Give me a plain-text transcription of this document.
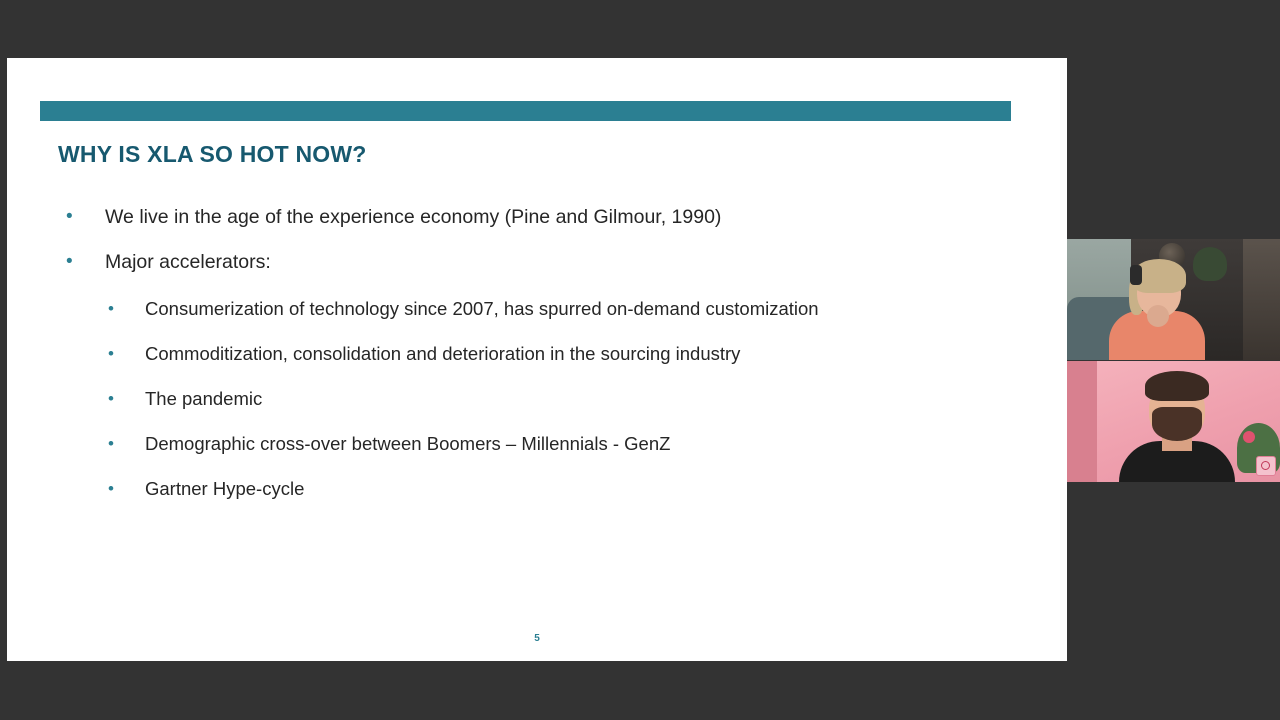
WHY IS XLA SO HOT NOW?
• We live in the age of the experience economy (Pine and Gilmour, 1990)
• Major accelerators:
• Consumerization of technology since 2007, has spurred on-demand customization
• Commoditization, consolidation and deterioration in the sourcing industry
• The pandemic
• Demographic cross-over between Boomers – Millennials - GenZ
• Gartner Hype-cycle
5
